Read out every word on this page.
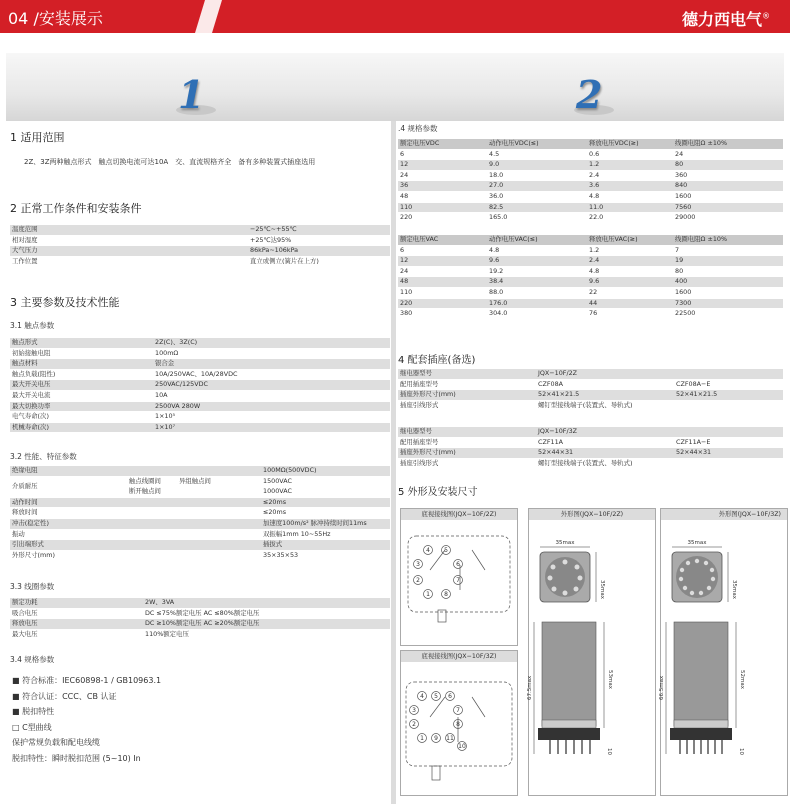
04 /安装展示	德力西电气®
1	2
1 适用范围
2Z、3Z两种触点形式　触点切换电流可达10A　交、直流规格齐全　备有多种装置式插座选用
2 正常工作条件和安装条件
温度范围	−25℃~+55℃
相对湿度	+25℃达95%
大气压力	86kPa~106kPa
工作位置	直立或侧立(簧片在上方)
3 主要参数及技术性能
3.1 触点参数
触点形式	2Z(C)、3Z(C)
初始接触电阻	100mΩ
触点材料	银合金
触点负载(阻性)	10A/250VAC、10A/28VDC
最大开关电压	250VAC/125VDC
最大开关电流	10A
最大切换功率	2500VA 280W
电气寿命(次)	1×10⁵
机械寿命(次)	1×10⁷
3.2 性能、特征参数
绝缘电阻			100MΩ(500VDC)
介质耐压	触点线圈间	异组触点间	1500VAC
	断开触点间		1000VAC
动作时间			≤20ms
释放时间			≤20ms
冲击(稳定性)			加速度100m/s² 脉冲持续时间11ms
振动			双振幅1mm 10~55Hz
引出端形式			插拔式
外形尺寸(mm)			35×35×53
3.3 线圈参数
额定功耗	2W、3VA
吸合电压	DC ≤75%额定电压 AC ≤80%额定电压
释放电压	DC ≥10%额定电压 AC ≥20%额定电压
最大电压	110%额定电压
3.4 规格参数
■ 符合标准：IEC60898-1 / GB10963.1
■ 符合认证：CCC、CB 认证
■ 脱扣特性
□ C型曲线
保护常规负载和配电线缆
脱扣特性：瞬时脱扣范围 (5~10) In
.4 规格参数
额定电压VDC	动作电压VDC(≤)	释放电压VDC(≥)	线圈电阻Ω ±10%
6	4.5	0.6	24
12	9.0	1.2	80
24	18.0	2.4	360
36	27.0	3.6	840
48	36.0	4.8	1600
110	82.5	11.0	7560
220	165.0	22.0	29000
额定电压VAC	动作电压VAC(≤)	释放电压VAC(≥)	线圈电阻Ω ±10%
6	4.8	1.2	7
12	9.6	2.4	19
24	19.2	4.8	80
48	38.4	9.6	400
110	88.0	22	1600
220	176.0	44	7300
380	304.0	76	22500
4 配套插座(备选)
继电器型号	JQX−10F/2Z	
配用插座型号	CZF08A	CZF08A−E
插座外形尺寸(mm)	52×41×21.5	52×41×21.5
插座引线形式	螺钉型接线端子(装置式、导轨式)	
继电器型号	JQX−10F/3Z	
配用插座型号	CZF11A	CZF11A−E
插座外形尺寸(mm)	52×44×31	52×44×31
插座引线形式	螺钉型接线端子(装置式、导轨式)	
5 外形及安装尺寸
底视接线图(JQX−10F/2Z)	外形图(JQX−10F/2Z)	外形图(JQX−10F/3Z)
底视接线图(JQX−10F/3Z)
4 5
3	6
2	7
1 8
4 5 6
3	7
2	8
1 9 11
10
35max
35max
53max
67.5max
10
35max
35max
52max
66.5max
10
